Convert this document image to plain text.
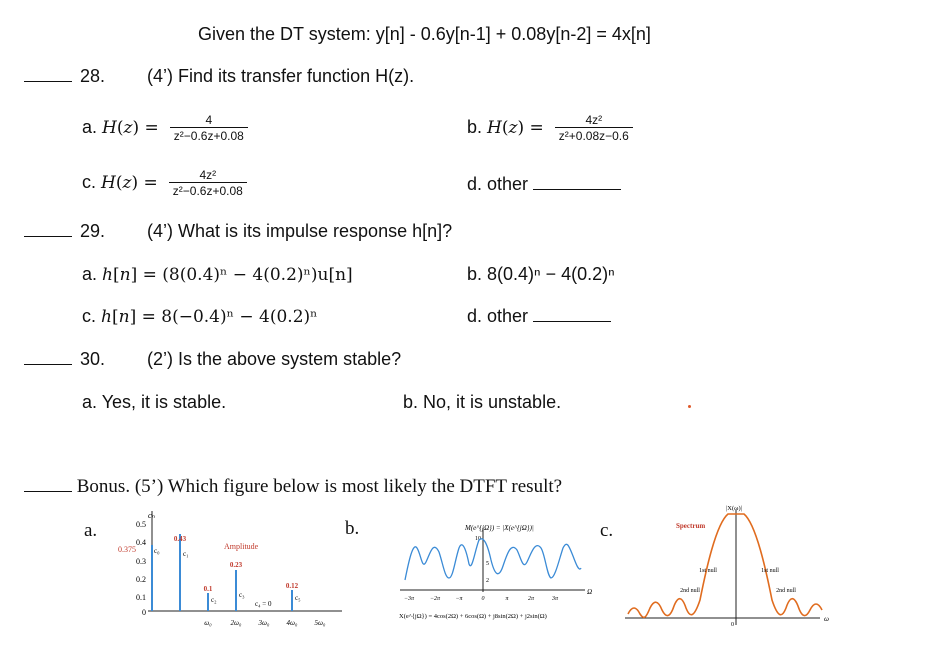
Given the DT system: y[n] - 0.6y[n-1] + 0.08y[n-2] = 4x[n]
28. (4’) Find its transfer function H(z).
a. $H(z) = \frac{4}{\text{z²−0.6z+0.08}}$	b. $H(z) = \frac{\text{4z²}}{\text{z²+0.08z−0.6}}$
c. $H(z) = \frac{\text{4z²}}{\text{z²−0.6z+0.08}}$	d. other
29. (4’) What is its impulse response h[n]?
a. h[n] = (8(0.4)ⁿ − 4(0.2)ⁿ)u[n]	b. 8(0.4)ⁿ − 4(0.2)ⁿ
c. h[n] = 8(−0.4)ⁿ − 4(0.2)ⁿ	d. other
30. (2’) Is the above system stable?
a. Yes, it is stable.	b. No, it is unstable.
Bonus. (5’) Which figure below is most likely the DTFT result?
a.	b.	c.
cₙ
0.5
0.4
0.375
0.3
0.2
0.1
0
c₀	c₁
c₂
c₃
c₄ = 0
c₅
0.43
0.1
0.23
0.12
Amplitude
ω₀	2ω₀ 3ω₀ 4ω₀ 5ω₀
M(e^{jΩ}) = |X(e^{jΩ})|
10
5
2
−3π	−2π	−π	0	π	2π	3π
Ω
X(e^{jΩ}) = 4cos(2Ω) + 6cos(Ω) + j8sin(2Ω) + j2sin(Ω)
Spectrum
|X(ω)|
1st null	1st null
2nd null	2nd null
0
ω
